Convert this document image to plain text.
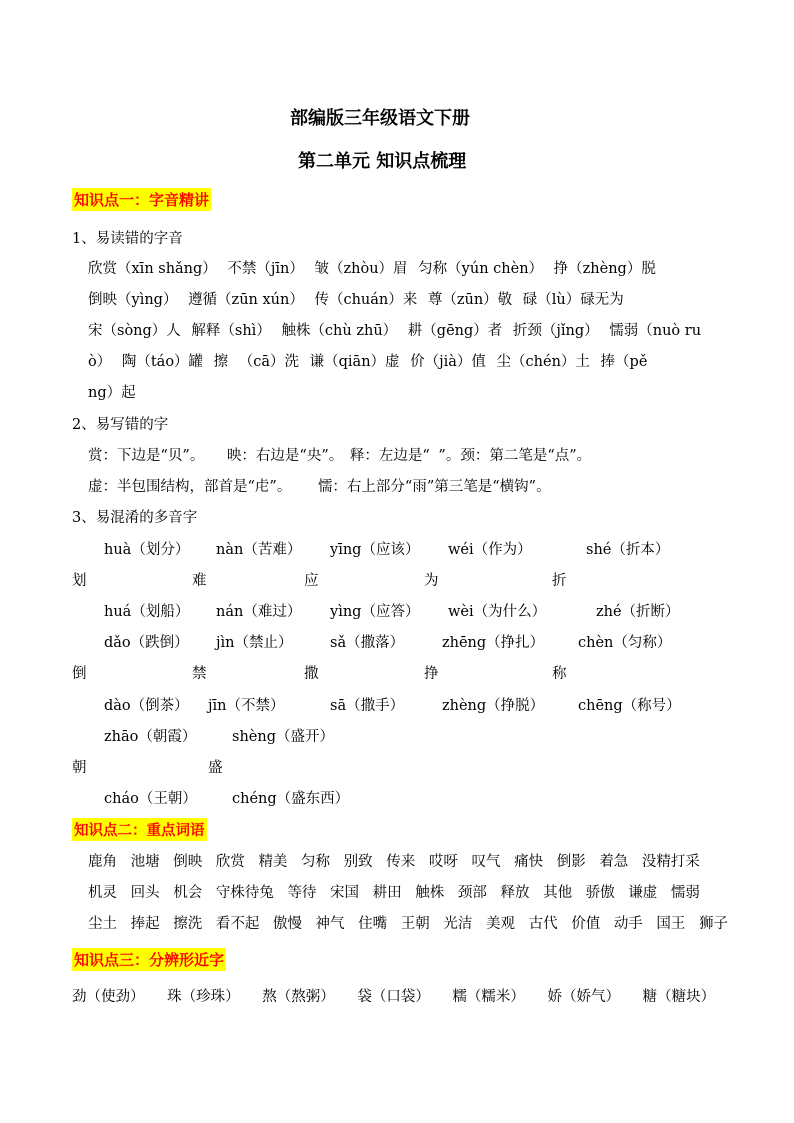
部编版三年级语文下册
第二单元 知识点梳理
知识点一：字音精讲
1、易读错的字音
欣赏（xīn shǎng） 不禁（jīn） 皱（zhòu）眉 匀称（yún chèn） 挣（zhèng）脱
倒映（yìng） 遵循（zūn xún） 传（chuán）来 尊（zūn）敬 碌（lù）碌无为
宋（sòng）人 解释（shì） 触株（chù zhū） 耕（gēng）者 折颈（jǐng） 懦弱（nuò ru
ò） 陶（táo）罐 擦 （cā）洗 谦（qiān）虚 价（jià）值 尘（chén）土 捧（pě
ng）起
2、易写错的字
赏：下边是“贝”。 映：右边是“央”。 释：左边是“ ”。颈：第二笔是“点”。
虚：半包围结构，部首是“虍”。 懦：右上部分“雨”第三笔是“横钩”。
3、易混淆的多音字
huà（划分） nàn（苦难） yīng（应该） wéi（作为）	shé（折本）
划	难	应	为	折
huá（划船） nán（难过） yìng（应答） wèi（为什么）	zhé（折断）
dǎo（跌倒） jìn（禁止）	sǎ（撒落）	zhēng（挣扎） chèn（匀称）
倒	禁	撒	挣	称
dào（倒茶） jīn（不禁）	sā（撒手）	zhèng（挣脱） chēng（称号）
zhāo（朝霞） shèng（盛开）
朝	盛
cháo（王朝） chéng（盛东西）
知识点二：重点词语
鹿角 池塘 倒映 欣赏 精美 匀称 别致 传来 哎呀 叹气 痛快 倒影 着急 没精打采
机灵 回头 机会 守株待兔 等待 宋国 耕田 触株 颈部 释放 其他 骄傲 谦虚 懦弱
尘土 捧起 擦洗 看不起 傲慢 神气 住嘴 王朝 光洁 美观 古代 价值 动手 国王 狮子
知识点三：分辨形近字
劲（使劲） 珠（珍珠） 熬（熬粥） 袋（口袋） 糯（糯米） 娇（娇气） 糖（糖块）
